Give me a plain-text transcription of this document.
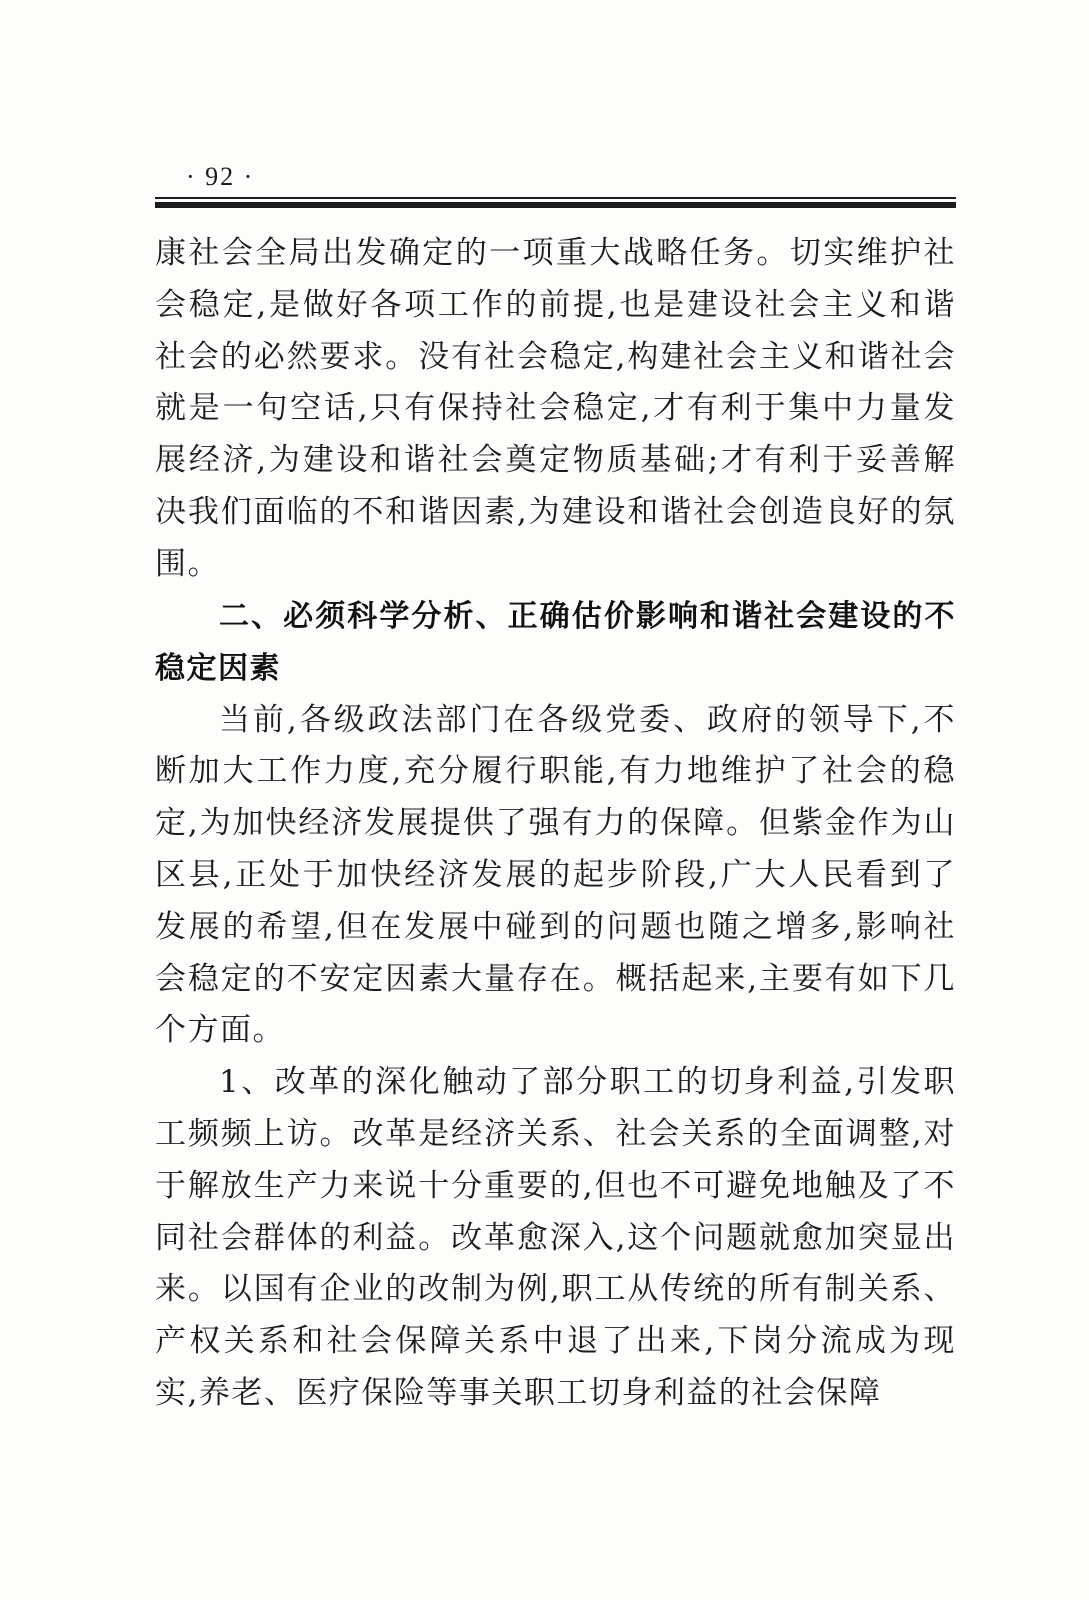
· 92 ·

康社会全局出发确定的一项重大战略任务。切实维护社会稳定,是做好各项工作的前提,也是建设社会主义和谐社会的必然要求。没有社会稳定,构建社会主义和谐社会就是一句空话,只有保持社会稳定,才有利于集中力量发展经济,为建设和谐社会奠定物质基础;才有利于妥善解决我们面临的不和谐因素,为建设和谐社会创造良好的氛围。

二、必须科学分析、正确估价影响和谐社会建设的不稳定因素

当前,各级政法部门在各级党委、政府的领导下,不断加大工作力度,充分履行职能,有力地维护了社会的稳定,为加快经济发展提供了强有力的保障。但紫金作为山区县,正处于加快经济发展的起步阶段,广大人民看到了发展的希望,但在发展中碰到的问题也随之增多,影响社会稳定的不安定因素大量存在。概括起来,主要有如下几个方面。

1、改革的深化触动了部分职工的切身利益,引发职工频频上访。改革是经济关系、社会关系的全面调整,对于解放生产力来说十分重要的,但也不可避免地触及了不同社会群体的利益。改革愈深入,这个问题就愈加突显出来。以国有企业的改制为例,职工从传统的所有制关系、产权关系和社会保障关系中退了出来,下岗分流成为现实,养老、医疗保险等事关职工切身利益的社会保障
